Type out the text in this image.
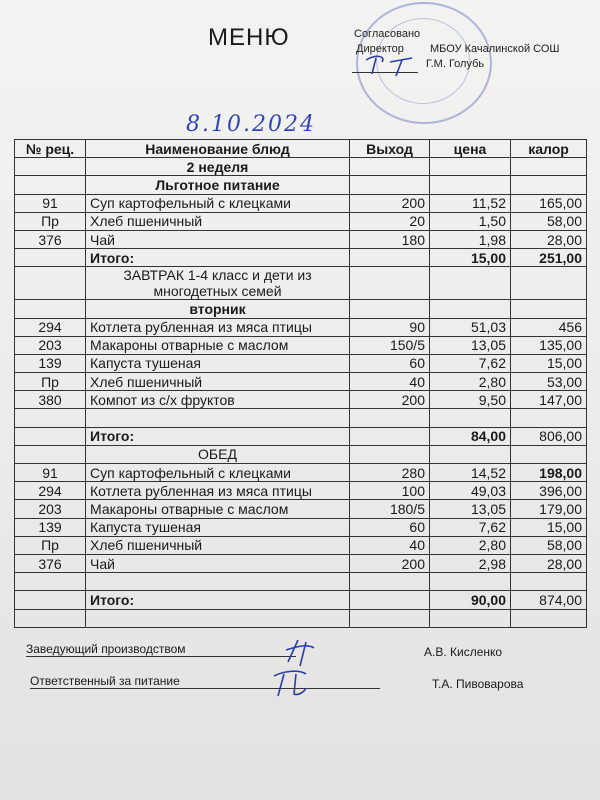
МЕНЮ	Согласовано
Директор МБОУ Качалинской СОШ
Г.М. Голубь
8.10.2024
№ рец.	Наименование блюд	Выход	цена	калор
	2 неделя			
	Льготное питание			
91	Суп картофельный с клецками	200	11,52	165,00
Пр	Хлеб пшеничный	20	1,50	58,00
376	Чай	180	1,98	28,00
	Итого:		15,00	251,00
	ЗАВТРАК 1-4 класс и дети из многодетных семей			
	вторник			
294	Котлета рубленная из мяса птицы	90	51,03	456
203	Макароны отварные с маслом	150/5	13,05	135,00
139	Капуста тушеная	60	7,62	15,00
Пр	Хлеб пшеничный	40	2,80	53,00
380	Компот из с/х фруктов	200	9,50	147,00

	Итого:		84,00	806,00
	ОБЕД			
91	Суп картофельный с клецками	280	14,52	198,00
294	Котлета рубленная из мяса птицы	100	49,03	396,00
203	Макароны отварные с маслом	180/5	13,05	179,00
139	Капуста тушеная	60	7,62	15,00
Пр	Хлеб пшеничный	40	2,80	58,00
376	Чай	200	2,98	28,00

	Итого:		90,00	874,00

Заведующий производством	А.В. Кисленко
Ответственный за питание	Т.А. Пивоварова
